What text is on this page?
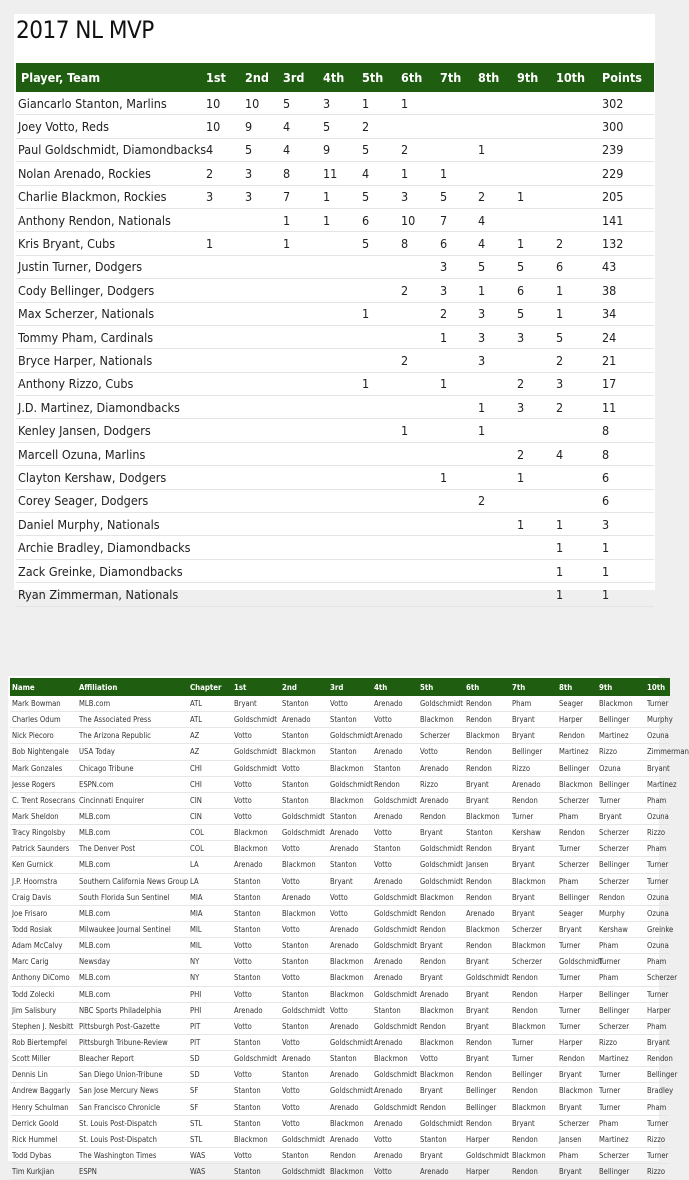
2017 NL MVP
Player, Team	1st	2nd	3rd	4th	5th	6th	7th	8th	9th	10th	Points
Giancarlo Stanton, Marlins	10	10	5	3	1	1					302
Joey Votto, Reds	10	9	4	5	2						300
Paul Goldschmidt, Diamondbacks	4	5	4	9	5	2		1			239
Nolan Arenado, Rockies	2	3	8	11	4	1	1				229
Charlie Blackmon, Rockies	3	3	7	1	5	3	5	2	1		205
Anthony Rendon, Nationals			1	1	6	10	7	4			141
Kris Bryant, Cubs	1		1		5	8	6	4	1	2	132
Justin Turner, Dodgers							3	5	5	6	43
Cody Bellinger, Dodgers						2	3	1	6	1	38
Max Scherzer, Nationals					1		2	3	5	1	34
Tommy Pham, Cardinals							1	3	3	5	24
Bryce Harper, Nationals						2		3		2	21
Anthony Rizzo, Cubs					1		1		2	3	17
J.D. Martinez, Diamondbacks								1	3	2	11
Kenley Jansen, Dodgers						1		1			8
Marcell Ozuna, Marlins									2	4	8
Clayton Kershaw, Dodgers							1		1		6
Corey Seager, Dodgers								2			6
Daniel Murphy, Nationals									1	1	3
Archie Bradley, Diamondbacks										1	1
Zack Greinke, Diamondbacks										1	1
Ryan Zimmerman, Nationals										1	1
Name	Affiliation	Chapter	1st	2nd	3rd	4th	5th	6th	7th	8th	9th	10th
Mark Bowman	MLB.com	ATL	Bryant	Stanton	Votto	Arenado	Goldschmidt	Rendon	Pham	Seager	Blackmon	Turner
Charles Odum	The Associated Press	ATL	Goldschmidt	Arenado	Stanton	Votto	Blackmon	Rendon	Bryant	Harper	Bellinger	Murphy
Nick Piecoro	The Arizona Republic	AZ	Votto	Stanton	Goldschmidt	Arenado	Scherzer	Blackmon	Bryant	Rendon	Martinez	Ozuna
Bob Nightengale	USA Today	AZ	Goldschmidt	Blackmon	Stanton	Arenado	Votto	Rendon	Bellinger	Martinez	Rizzo	Zimmerman
Mark Gonzales	Chicago Tribune	CHI	Goldschmidt	Votto	Blackmon	Stanton	Arenado	Rendon	Rizzo	Bellinger	Ozuna	Bryant
Jesse Rogers	ESPN.com	CHI	Votto	Stanton	Goldschmidt	Rendon	Rizzo	Bryant	Arenado	Blackmon	Bellinger	Martinez
C. Trent Rosecrans	Cincinnati Enquirer	CIN	Votto	Stanton	Blackmon	Goldschmidt	Arenado	Bryant	Rendon	Scherzer	Turner	Pham
Mark Sheldon	MLB.com	CIN	Votto	Goldschmidt	Stanton	Arenado	Rendon	Blackmon	Turner	Pham	Bryant	Ozuna
Tracy Ringolsby	MLB.com	COL	Blackmon	Goldschmidt	Arenado	Votto	Bryant	Stanton	Kershaw	Rendon	Scherzer	Rizzo
Patrick Saunders	The Denver Post	COL	Blackmon	Votto	Arenado	Stanton	Goldschmidt	Rendon	Bryant	Turner	Scherzer	Pham
Ken Gurnick	MLB.com	LA	Arenado	Blackmon	Stanton	Votto	Goldschmidt	Jansen	Bryant	Scherzer	Bellinger	Turner
J.P. Hoornstra	Southern California News Group	LA	Stanton	Votto	Bryant	Arenado	Goldschmidt	Rendon	Blackmon	Pham	Scherzer	Turner
Craig Davis	South Florida Sun Sentinel	MIA	Stanton	Arenado	Votto	Goldschmidt	Blackmon	Rendon	Bryant	Bellinger	Rendon	Ozuna
Joe Frisaro	MLB.com	MIA	Stanton	Blackmon	Votto	Goldschmidt	Rendon	Arenado	Bryant	Seager	Murphy	Ozuna
Todd Rosiak	Milwaukee Journal Sentinel	MIL	Stanton	Votto	Arenado	Goldschmidt	Rendon	Blackmon	Scherzer	Bryant	Kershaw	Greinke
Adam McCalvy	MLB.com	MIL	Votto	Stanton	Arenado	Goldschmidt	Bryant	Rendon	Blackmon	Turner	Pham	Ozuna
Marc Carig	Newsday	NY	Votto	Stanton	Blackmon	Arenado	Rendon	Bryant	Scherzer	Goldschmidt	Turner	Pham
Anthony DiComo	MLB.com	NY	Stanton	Votto	Blackmon	Arenado	Bryant	Goldschmidt	Rendon	Turner	Pham	Scherzer
Todd Zolecki	MLB.com	PHI	Votto	Stanton	Blackmon	Goldschmidt	Arenado	Bryant	Rendon	Harper	Bellinger	Turner
Jim Salisbury	NBC Sports Philadelphia	PHI	Arenado	Goldschmidt	Votto	Stanton	Blackmon	Bryant	Rendon	Turner	Bellinger	Harper
Stephen J. Nesbitt	Pittsburgh Post-Gazette	PIT	Votto	Stanton	Arenado	Goldschmidt	Rendon	Bryant	Blackmon	Turner	Scherzer	Pham
Rob Biertempfel	Pittsburgh Tribune-Review	PIT	Stanton	Votto	Goldschmidt	Arenado	Blackmon	Rendon	Turner	Harper	Rizzo	Bryant
Scott Miller	Bleacher Report	SD	Goldschmidt	Arenado	Stanton	Blackmon	Votto	Bryant	Turner	Rendon	Martinez	Rendon
Dennis Lin	San Diego Union-Tribune	SD	Votto	Stanton	Arenado	Goldschmidt	Blackmon	Rendon	Bellinger	Bryant	Turner	Bellinger
Andrew Baggarly	San Jose Mercury News	SF	Stanton	Votto	Goldschmidt	Arenado	Bryant	Bellinger	Rendon	Blackmon	Turner	Bradley
Henry Schulman	San Francisco Chronicle	SF	Stanton	Votto	Arenado	Goldschmidt	Rendon	Bellinger	Blackmon	Bryant	Turner	Pham
Derrick Goold	St. Louis Post-Dispatch	STL	Stanton	Votto	Blackmon	Arenado	Goldschmidt	Rendon	Bryant	Scherzer	Pham	Turner
Rick Hummel	St. Louis Post-Dispatch	STL	Blackmon	Goldschmidt	Arenado	Votto	Stanton	Harper	Rendon	Jansen	Martinez	Rizzo
Todd Dybas	The Washington Times	WAS	Votto	Stanton	Rendon	Arenado	Bryant	Goldschmidt	Blackmon	Pham	Scherzer	Turner
Tim Kurkjian	ESPN	WAS	Stanton	Goldschmidt	Blackmon	Votto	Arenado	Harper	Rendon	Bryant	Bellinger	Rizzo
